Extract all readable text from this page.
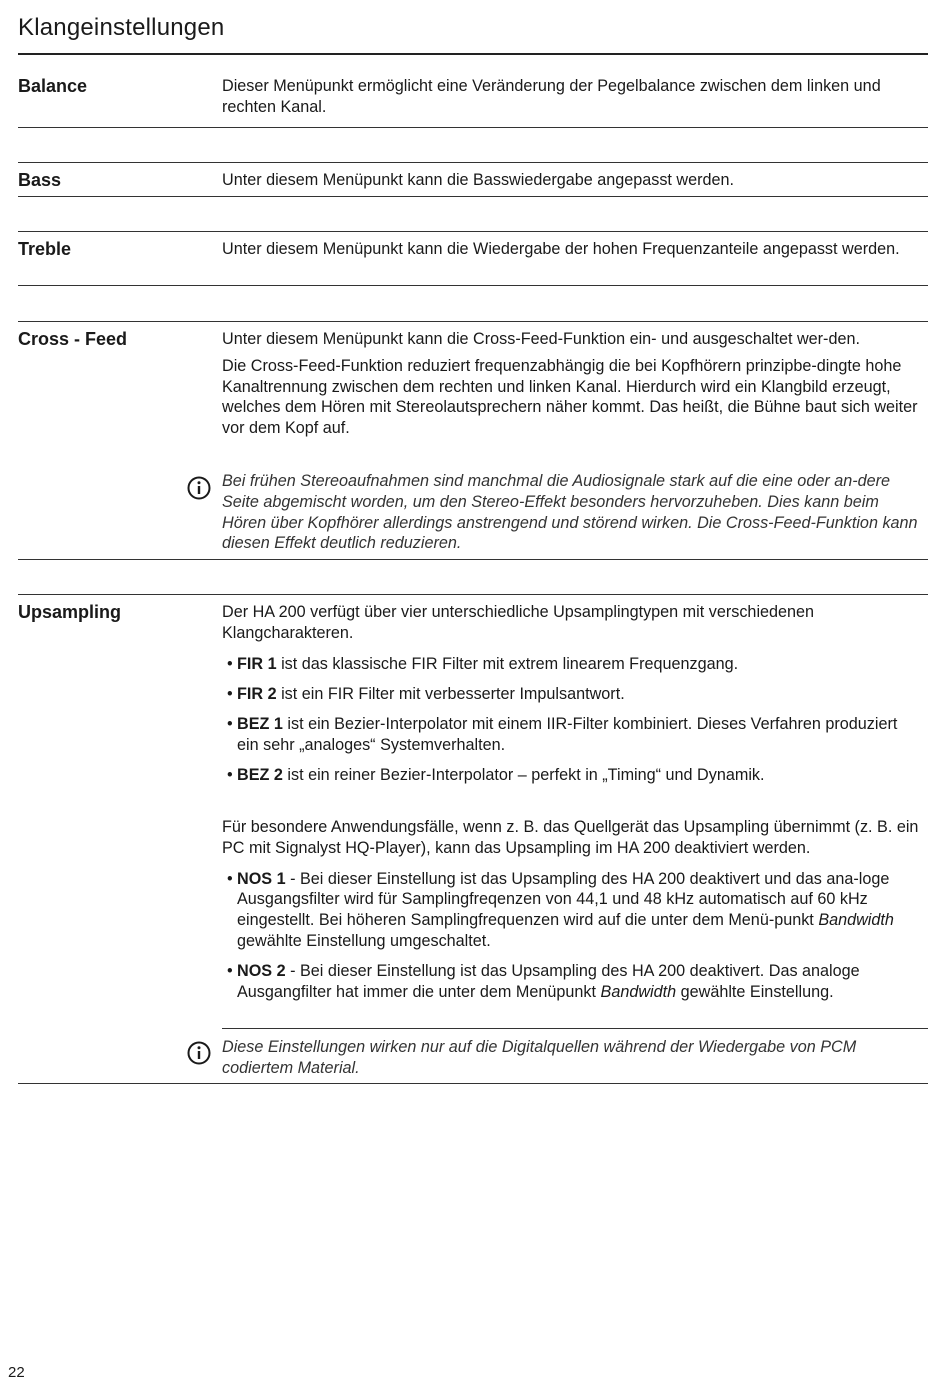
Klangeinstellungen
Balance	Dieser Menüpunkt ermöglicht eine Veränderung der Pegelbalance zwischen dem linken und rechten Kanal.

Bass	Unter diesem Menüpunkt kann die Basswiedergabe angepasst werden.

Treble	Unter diesem Menüpunkt kann die Wiedergabe der hohen Frequenzanteile angepasst werden.

Cross - Feed	Unter diesem Menüpunkt kann die Cross-Feed-Funktion ein- und ausgeschaltet wer-den.

Die Cross-Feed-Funktion reduziert frequenzabhängig die bei Kopfhörern prinzipbe-dingte hohe Kanaltrennung zwischen dem rechten und linken Kanal. Hierdurch wird ein Klangbild erzeugt, welches dem Hören mit Stereolautsprechern näher kommt. Das heißt, die Bühne baut sich weiter vor dem Kopf auf.

Bei frühen Stereoaufnahmen sind manchmal die Audiosignale stark auf die eine oder an-dere Seite abgemischt worden, um den Stereo-Effekt besonders hervorzuheben. Dies kann beim Hören über Kopfhörer allerdings anstrengend und störend wirken. Die Cross-Feed-Funktion kann diesen Effekt deutlich reduzieren.

Upsampling	Der HA 200 verfügt über vier unterschiedliche Upsamplingtypen mit verschiedenen Klangcharakteren.

• FIR 1 ist das klassische FIR Filter mit extrem linearem Frequenzgang.
• FIR 2 ist ein FIR Filter mit verbesserter Impulsantwort.
• BEZ 1 ist ein Bezier-Interpolator mit einem IIR-Filter kombiniert. Dieses Verfahren produziert ein sehr „analoges“ Systemverhalten.
• BEZ 2 ist ein reiner Bezier-Interpolator – perfekt in „Timing“ und Dynamik.

Für besondere Anwendungsfälle, wenn z. B. das Quellgerät das Upsampling übernimmt (z. B. ein PC mit Signalyst HQ-Player), kann das Upsampling im HA 200 deaktiviert werden.

• NOS 1 - Bei dieser Einstellung ist das Upsampling des HA 200 deaktivert und das ana-loge Ausgangsfilter wird für Samplingfreqenzen von 44,1 und 48 kHz automatisch auf 60 kHz eingestellt. Bei höheren Samplingfrequenzen wird auf die unter dem Menü-punkt Bandwidth gewählte Einstellung umgeschaltet.
• NOS 2 - Bei dieser Einstellung ist das Upsampling des HA 200 deaktivert. Das analoge Ausgangfilter hat immer die unter dem Menüpunkt Bandwidth gewählte Einstellung.

Diese Einstellungen wirken nur auf die Digitalquellen während der Wiedergabe von PCM codiertem Material.

22
